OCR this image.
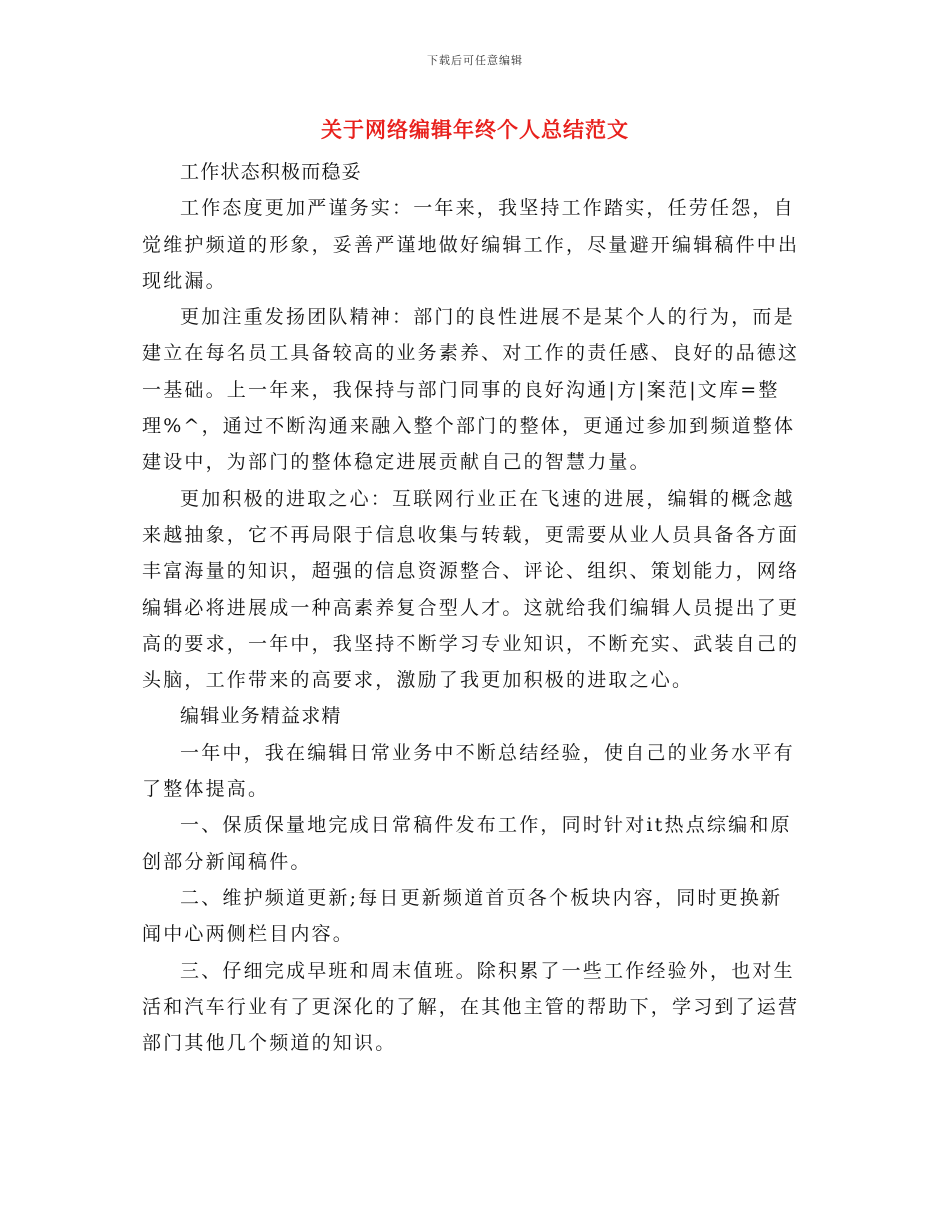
下载后可任意编辑
关于网络编辑年终个人总结范文

工作状态积极而稳妥

工作态度更加严谨务实：一年来，我坚持工作踏实，任劳任怨，自觉维护频道的形象，妥善严谨地做好编辑工作，尽量避开编辑稿件中出现纰漏。

更加注重发扬团队精神：部门的良性进展不是某个人的行为，而是建立在每名员工具备较高的业务素养、对工作的责任感、良好的品德这一基础。上一年来，我保持与部门同事的良好沟通|方|案范|文库=整理%^，通过不断沟通来融入整个部门的整体，更通过参加到频道整体建设中，为部门的整体稳定进展贡献自己的智慧力量。

更加积极的进取之心：互联网行业正在飞速的进展，编辑的概念越来越抽象，它不再局限于信息收集与转载，更需要从业人员具备各方面丰富海量的知识，超强的信息资源整合、评论、组织、策划能力，网络编辑必将进展成一种高素养复合型人才。这就给我们编辑人员提出了更高的要求，一年中，我坚持不断学习专业知识，不断充实、武装自己的头脑，工作带来的高要求，激励了我更加积极的进取之心。

编辑业务精益求精

一年中，我在编辑日常业务中不断总结经验，使自己的业务水平有了整体提高。

一、保质保量地完成日常稿件发布工作，同时针对it热点综编和原创部分新闻稿件。

二、维护频道更新;每日更新频道首页各个板块内容，同时更换新闻中心两侧栏目内容。

三、仔细完成早班和周末值班。除积累了一些工作经验外，也对生活和汽车行业有了更深化的了解，在其他主管的帮助下，学习到了运营部门其他几个频道的知识。
